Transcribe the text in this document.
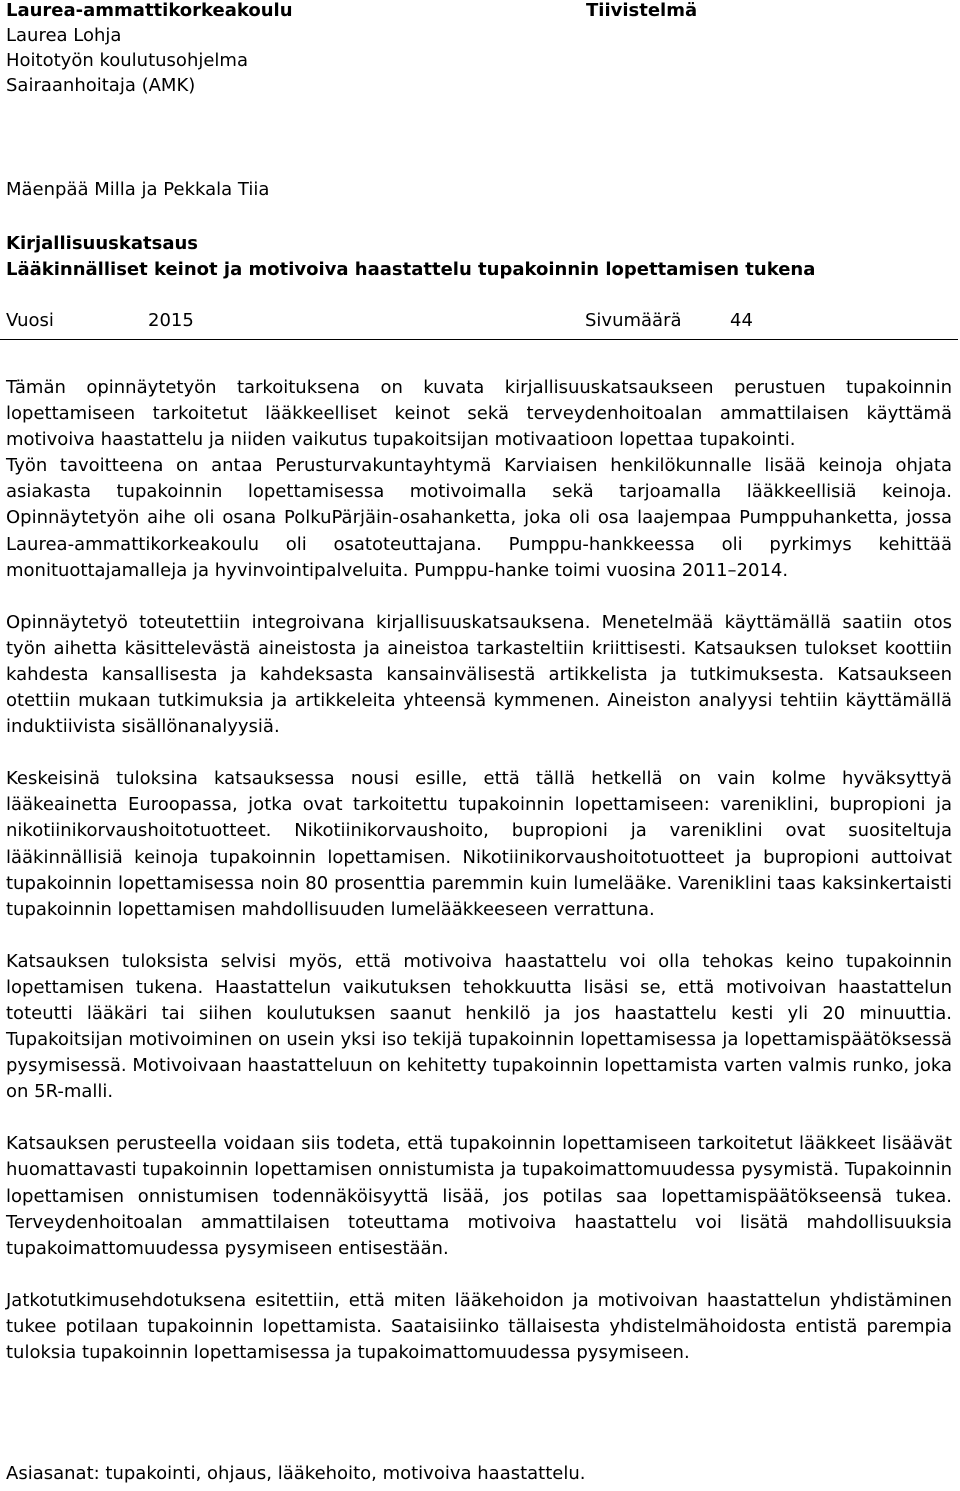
Laurea-ammattikorkeakoulu
Laurea Lohja
Hoitotyön koulutusohjelma
Sairaanhoitaja (AMK)
Tiivistelmä
Mäenpää Milla ja Pekkala Tiia
Kirjallisuuskatsaus
Lääkinnälliset keinot ja motivoiva haastattelu tupakoinnin lopettamisen tukena
Vuosi	2015	Sivumäärä	44

Tämän opinnäytetyön tarkoituksena on kuvata kirjallisuuskatsaukseen perustuen tupakoinnin lopettamiseen tarkoitetut lääkkeelliset keinot sekä terveydenhoitoalan ammattilaisen käyttämä motivoiva haastattelu ja niiden vaikutus tupakoitsijan motivaatioon lopettaa tupakointi.

Työn tavoitteena on antaa Perusturvakuntayhtymä Karviaisen henkilökunnalle lisää keinoja ohjata asiakasta tupakoinnin lopettamisessa motivoimalla sekä tarjoamalla lääkkeellisiä keinoja. Opinnäytetyön aihe oli osana PolkuPärjäin-osahanketta, joka oli osa laajempaa Pumppuhanketta, jossa Laurea-ammattikorkeakoulu oli osatoteuttajana. Pumppu-hankkeessa oli pyrkimys kehittää monituottajamalleja ja hyvinvointipalveluita. Pumppu-hanke toimi vuosina 2011–2014.

Opinnäytetyö toteutettiin integroivana kirjallisuuskatsauksena. Menetelmää käyttämällä saatiin otos työn aihetta käsittelevästä aineistosta ja aineistoa tarkasteltiin kriittisesti. Katsauksen tulokset koottiin kahdesta kansallisesta ja kahdeksasta kansainvälisestä artikkelista ja tutkimuksesta. Katsaukseen otettiin mukaan tutkimuksia ja artikkeleita yhteensä kymmenen. Aineiston analyysi tehtiin käyttämällä induktiivista sisällönanalyysiä.

Keskeisinä tuloksina katsauksessa nousi esille, että tällä hetkellä on vain kolme hyväksyttyä lääkeainetta Euroopassa, jotka ovat tarkoitettu tupakoinnin lopettamiseen: vareniklini, bupropioni ja nikotiinikorvaushoitotuotteet. Nikotiinikorvaushoito, bupropioni ja vareniklini ovat suositeltuja lääkinnällisiä keinoja tupakoinnin lopettamisen. Nikotiinikorvaushoitotuotteet ja bupropioni auttoivat tupakoinnin lopettamisessa noin 80 prosenttia paremmin kuin lumelääke. Vareniklini taas kaksinkertaisti tupakoinnin lopettamisen mahdollisuuden lumelääkkeeseen verrattuna.

Katsauksen tuloksista selvisi myös, että motivoiva haastattelu voi olla tehokas keino tupakoinnin lopettamisen tukena. Haastattelun vaikutuksen tehokkuutta lisäsi se, että motivoivan haastattelun toteutti lääkäri tai siihen koulutuksen saanut henkilö ja jos haastattelu kesti yli 20 minuuttia. Tupakoitsijan motivoiminen on usein yksi iso tekijä tupakoinnin lopettamisessa ja lopettamispäätöksessä pysymisessä. Motivoivaan haastatteluun on kehitetty tupakoinnin lopettamista varten valmis runko, joka on 5R-malli.

Katsauksen perusteella voidaan siis todeta, että tupakoinnin lopettamiseen tarkoitetut lääkkeet lisäävät huomattavasti tupakoinnin lopettamisen onnistumista ja tupakoimattomuudessa pysymistä. Tupakoinnin lopettamisen onnistumisen todennäköisyyttä lisää, jos potilas saa lopettamispäätökseensä tukea. Terveydenhoitoalan ammattilaisen toteuttama motivoiva haastattelu voi lisätä mahdollisuuksia tupakoimattomuudessa pysymiseen entisestään.

Jatkotutkimusehdotuksena esitettiin, että miten lääkehoidon ja motivoivan haastattelun yhdistäminen tukee potilaan tupakoinnin lopettamista. Saataisiinko tällaisesta yhdistelmähoidosta entistä parempia tuloksia tupakoinnin lopettamisessa ja tupakoimattomuudessa pysymiseen.

Asiasanat: tupakointi, ohjaus, lääkehoito, motivoiva haastattelu.
